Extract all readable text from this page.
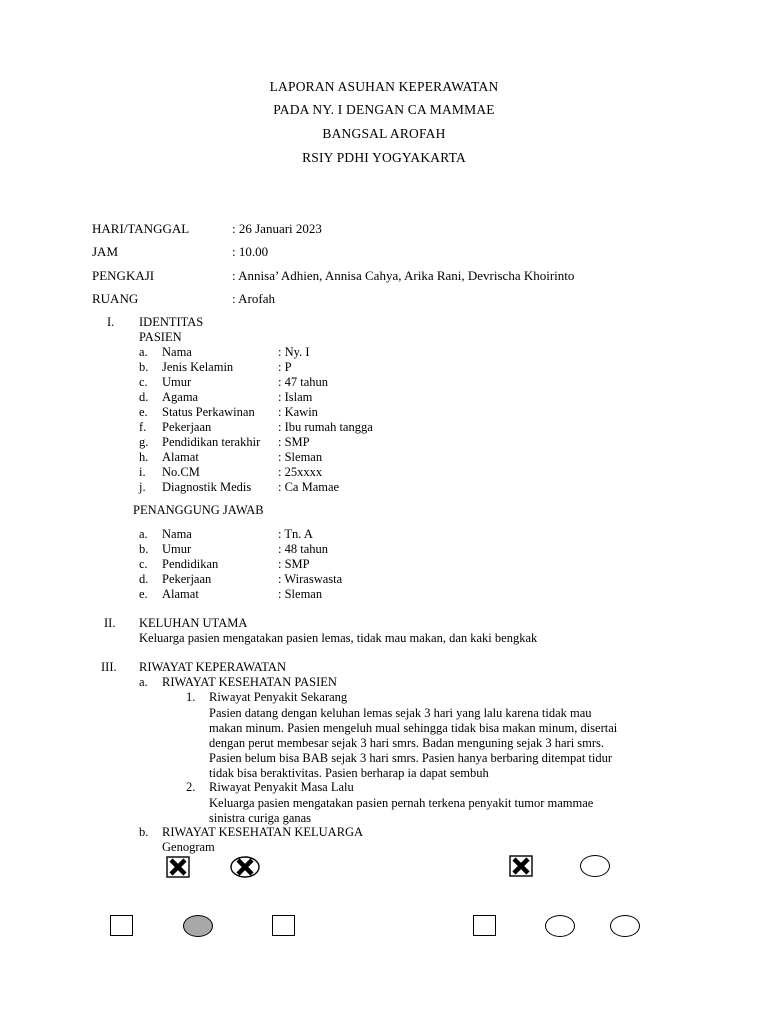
LAPORAN ASUHAN KEPERAWATAN
PADA NY. I DENGAN CA MAMMAE
BANGSAL AROFAH
RSIY PDHI YOGYAKARTA
HARI/TANGGAL	: 26 Januari 2023
JAM	: 10.00
PENGKAJI	: Annisa’ Adhien, Annisa Cahya, Arika Rani, Devrischa Khoirinto
RUANG	: Arofah
I. IDENTITAS
PASIEN
a. Nama	: Ny. I
b. Jenis Kelamin	: P
c. Umur	: 47 tahun
d. Agama	: Islam
e. Status Perkawinan : Kawin
f. Pekerjaan	: Ibu rumah tangga
g. Pendidikan terakhir : SMP
h. Alamat	: Sleman
i. No.CM	: 25xxxx
j. Diagnostik Medis : Ca Mamae
PENANGGUNG JAWAB
a. Nama	: Tn. A
b. Umur	: 48 tahun
c. Pendidikan	: SMP
d. Pekerjaan	: Wiraswasta
e. Alamat	: Sleman
II. KELUHAN UTAMA
Keluarga pasien mengatakan pasien lemas, tidak mau makan, dan kaki bengkak
III. RIWAYAT KEPERAWATAN
a. RIWAYAT KESEHATAN PASIEN
1. Riwayat Penyakit Sekarang
Pasien datang dengan keluhan lemas sejak 3 hari yang lalu karena tidak mau
makan minum. Pasien mengeluh mual sehingga tidak bisa makan minum, disertai
dengan perut membesar sejak 3 hari smrs. Badan menguning sejak 3 hari smrs.
Pasien belum bisa BAB sejak 3 hari smrs. Pasien hanya berbaring ditempat tidur
tidak bisa beraktivitas. Pasien berharap ia dapat sembuh
2. Riwayat Penyakit Masa Lalu
Keluarga pasien mengatakan pasien pernah terkena penyakit tumor mammae
sinistra curiga ganas
b. RIWAYAT KESEHATAN KELUARGA
Genogram
